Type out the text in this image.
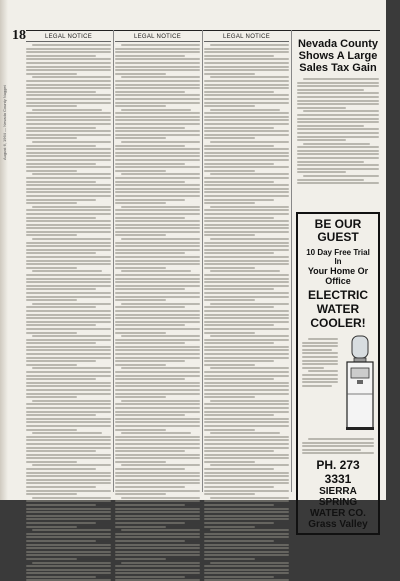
August 6, 1964 — Nevada County Nugget
18	LEGAL NOTICE	LEGAL NOTICE	LEGAL NOTICE
Nevada County
Shows A Large
Sales Tax Gain
BE OUR GUEST
10 Day Free Trial In
Your Home Or Office
ELECTRIC
WATER COOLER!
PH. 273 3331
SIERRA SPRING
WATER CO.
Grass Valley
